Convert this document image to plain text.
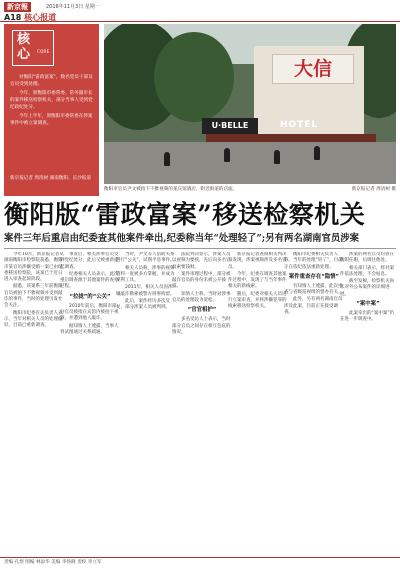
新京報	2016年11月3日 星期一
A18 核心报道
核
心 CORE

对衡阳“雷政富案”，数名党员干部及官员受到处理。

今年，原衡阳市委常委、常务副市长的案件移送检察机关，部分当事人受到党纪政纪处分。

今年上半年，原衡阳市委常委在涉案事件中被立案调查。

新京报记者 周清树 湖南衡阳、长沙报道
大信
U·BELLE	HOTEL
衡阳市官员尹文被指下不雅视频的某宾馆酒店，附近街道的店面。	新京报记者 周清树 摄
衡阳版“雷政富案”移送检察机关
案件三年后重启由纪委查其他案件牵出,纪委称当年“处理轻了”;另有两名湖南官员涉案

今年10月，新京报记者从湖南衡阳市检察院获悉，衡阳市某官员涉嫌受贿一案已由纪委移送检察院，该案已于近日进入审查起诉阶段。

据悉，该案系三年前衡阳官员被拍下不雅视频并受到敲诈的事件，当时的处理引发社会关注。

衡阳市纪委有关负责人表示，当年对相关人员的处理偏轻，目前已重新调查。

事发后，相关涉事官员受到党纪处分，此后又被重新提起调查。

纪委相关人员表示，此次重启调查源于其他案件的查办过程。

“拉拢”的“公关”

2010年前后，衡阳市部分官员被指在宾馆内被拍下视频，并遭到他人敲诈。

据知情人士透露，当事人曾试图通过关系疏通。

当时，尹文等人借助关系进行“公关”，试图平息事件。

相关人员称，涉事的视频资料一度被多方掌握，并成为谋利工具。

2011年，相关人员因涉嫌敲诈勒索被警方刑事拘留。

此后，案件经历多次反复，部分涉案人员被判刑。

法院判决显示，涉案人员以视频为要挟，先后向多名官员索要钱财。

案件审理过程中，部分被敲诈官员的身份未被公开披露。

知情人士称，当时对涉事官员的处理较为宽松。

“官官相护”

多名受访人士表示，当时部分官员之间存在相互包庇的情况。

新京报记者查阅相关判决书发现，涉案视频涉及多名官员。

今年，纪委在调查其他案件过程中，发现了与当年事件相关的新线索。

随后，纪委对相关人员进行立案审查，并将涉嫌犯罪的线索移送检察机关。

衡阳市纪委相关负责人称，当年的处理“轻了”，目前正在依纪依法重新处理。

案件重查存在“隐情”

有知情人士透露，此次重查与省级巡视组的督办有关。

此外，另有两名湖南官员涉及此案，目前正在接受调查。

涉案的两名官员均曾在衡阳任职，后调往他处。

相关部门表示，将对案件依法处理，不会姑息。

截至发稿，检察机关尚未对外公布案件的详细进展。

“案中案”

此案牵出的“案中案”仍在进一步调查中。

责编 孔煜 图编 林添华 美编 李扬晓 责校 李立军
